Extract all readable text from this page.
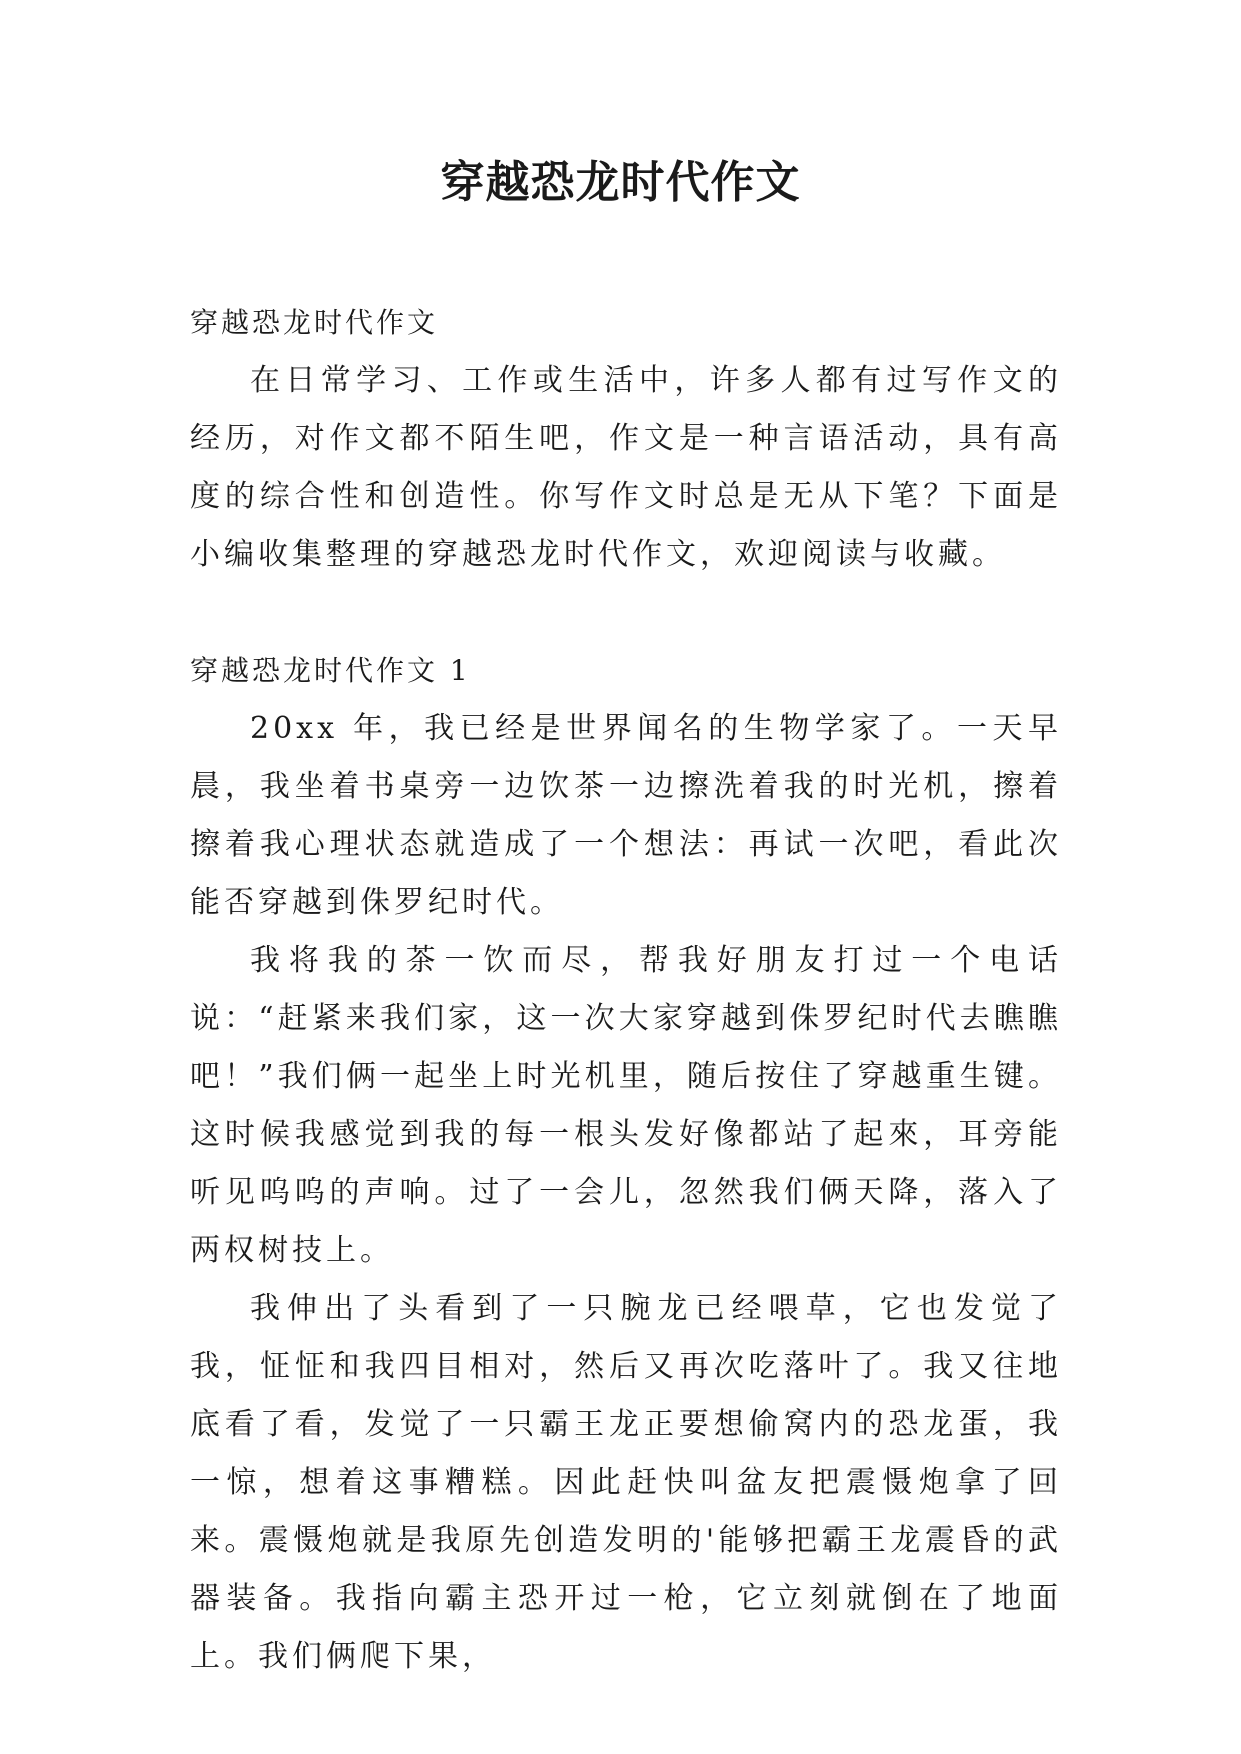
穿越恐龙时代作文

穿越恐龙时代作文

在日常学习、工作或生活中，许多人都有过写作文的经历，对作文都不陌生吧，作文是一种言语活动，具有高度的综合性和创造性。你写作文时总是无从下笔？下面是小编收集整理的穿越恐龙时代作文，欢迎阅读与收藏。

穿越恐龙时代作文 1

20xx 年，我已经是世界闻名的生物学家了。一天早晨，我坐着书桌旁一边饮茶一边擦洗着我的时光机，擦着擦着我心理状态就造成了一个想法：再试一次吧，看此次能否穿越到侏罗纪时代。

我将我的茶一饮而尽，帮我好朋友打过一个电话说：“赶紧来我们家，这一次大家穿越到侏罗纪时代去瞧瞧吧！”我们俩一起坐上时光机里，随后按住了穿越重生键。这时候我感觉到我的每一根头发好像都站了起來，耳旁能听见呜呜的声响。过了一会儿，忽然我们俩天降，落入了两权树技上。

我伸出了头看到了一只腕龙已经喂草，它也发觉了我，怔怔和我四目相对，然后又再次吃落叶了。我又往地底看了看，发觉了一只霸王龙正要想偷窝内的恐龙蛋，我一惊，想着这事糟糕。因此赶快叫盆友把震慑炮拿了回来。震慑炮就是我原先创造发明的'能够把霸王龙震昏的武器装备。我指向霸主恐开过一枪，它立刻就倒在了地面上。我们俩爬下果，
